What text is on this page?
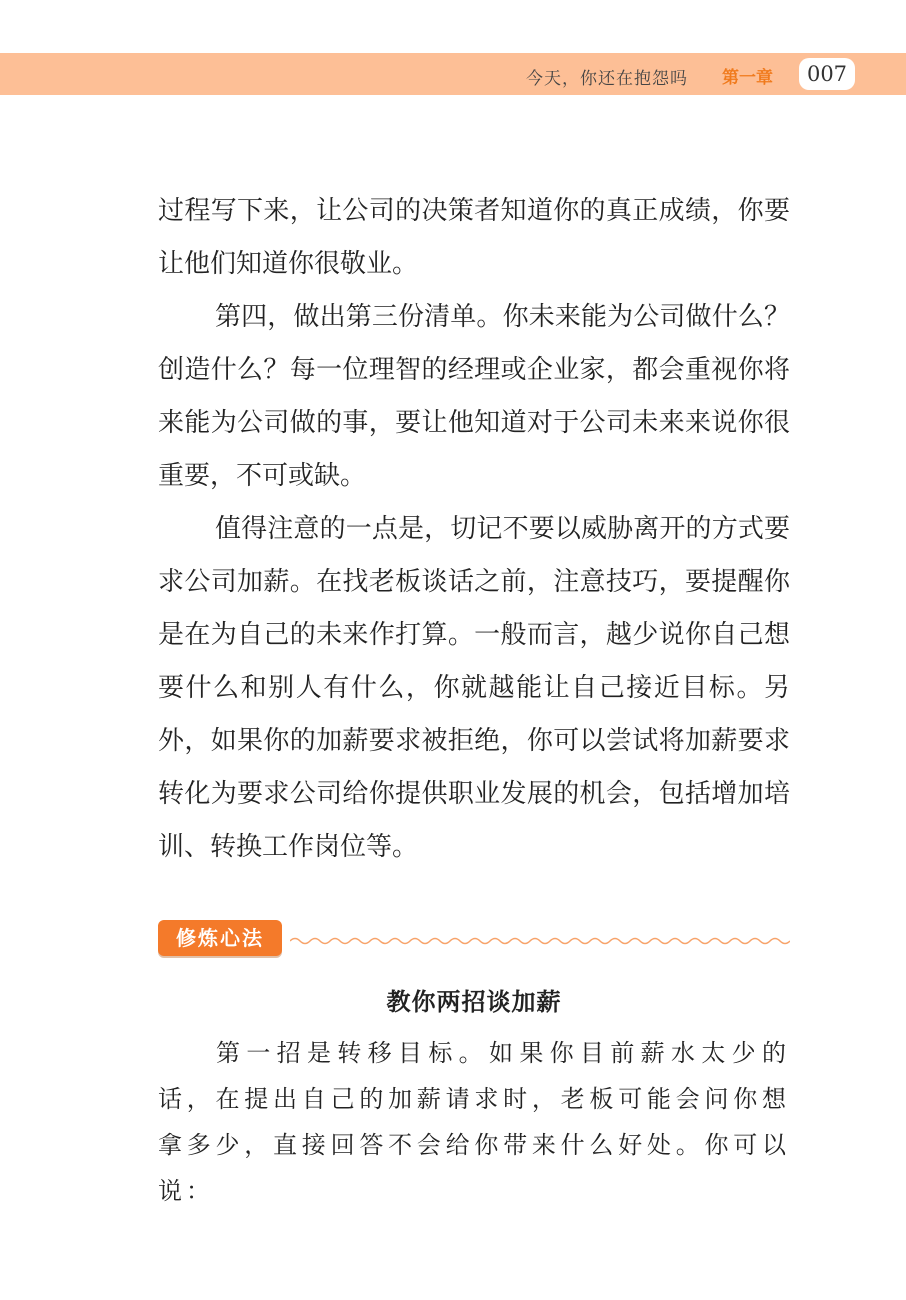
今天，你还在抱怨吗 第一章	007

过程写下来，让公司的决策者知道你的真正成绩，你要让他们知道你很敬业。

第四，做出第三份清单。你未来能为公司做什么？创造什么？每一位理智的经理或企业家，都会重视你将来能为公司做的事，要让他知道对于公司未来来说你很重要，不可或缺。

值得注意的一点是，切记不要以威胁离开的方式要求公司加薪。在找老板谈话之前，注意技巧，要提醒你是在为自己的未来作打算。一般而言，越少说你自己想要什么和别人有什么，你就越能让自己接近目标。另外，如果你的加薪要求被拒绝，你可以尝试将加薪要求转化为要求公司给你提供职业发展的机会，包括增加培训、转换工作岗位等。

修炼心法
教你两招谈加薪

第一招是转移目标。如果你目前薪水太少的话，在提出自己的加薪请求时，老板可能会问你想拿多少，直接回答不会给你带来什么好处。你可以说：
